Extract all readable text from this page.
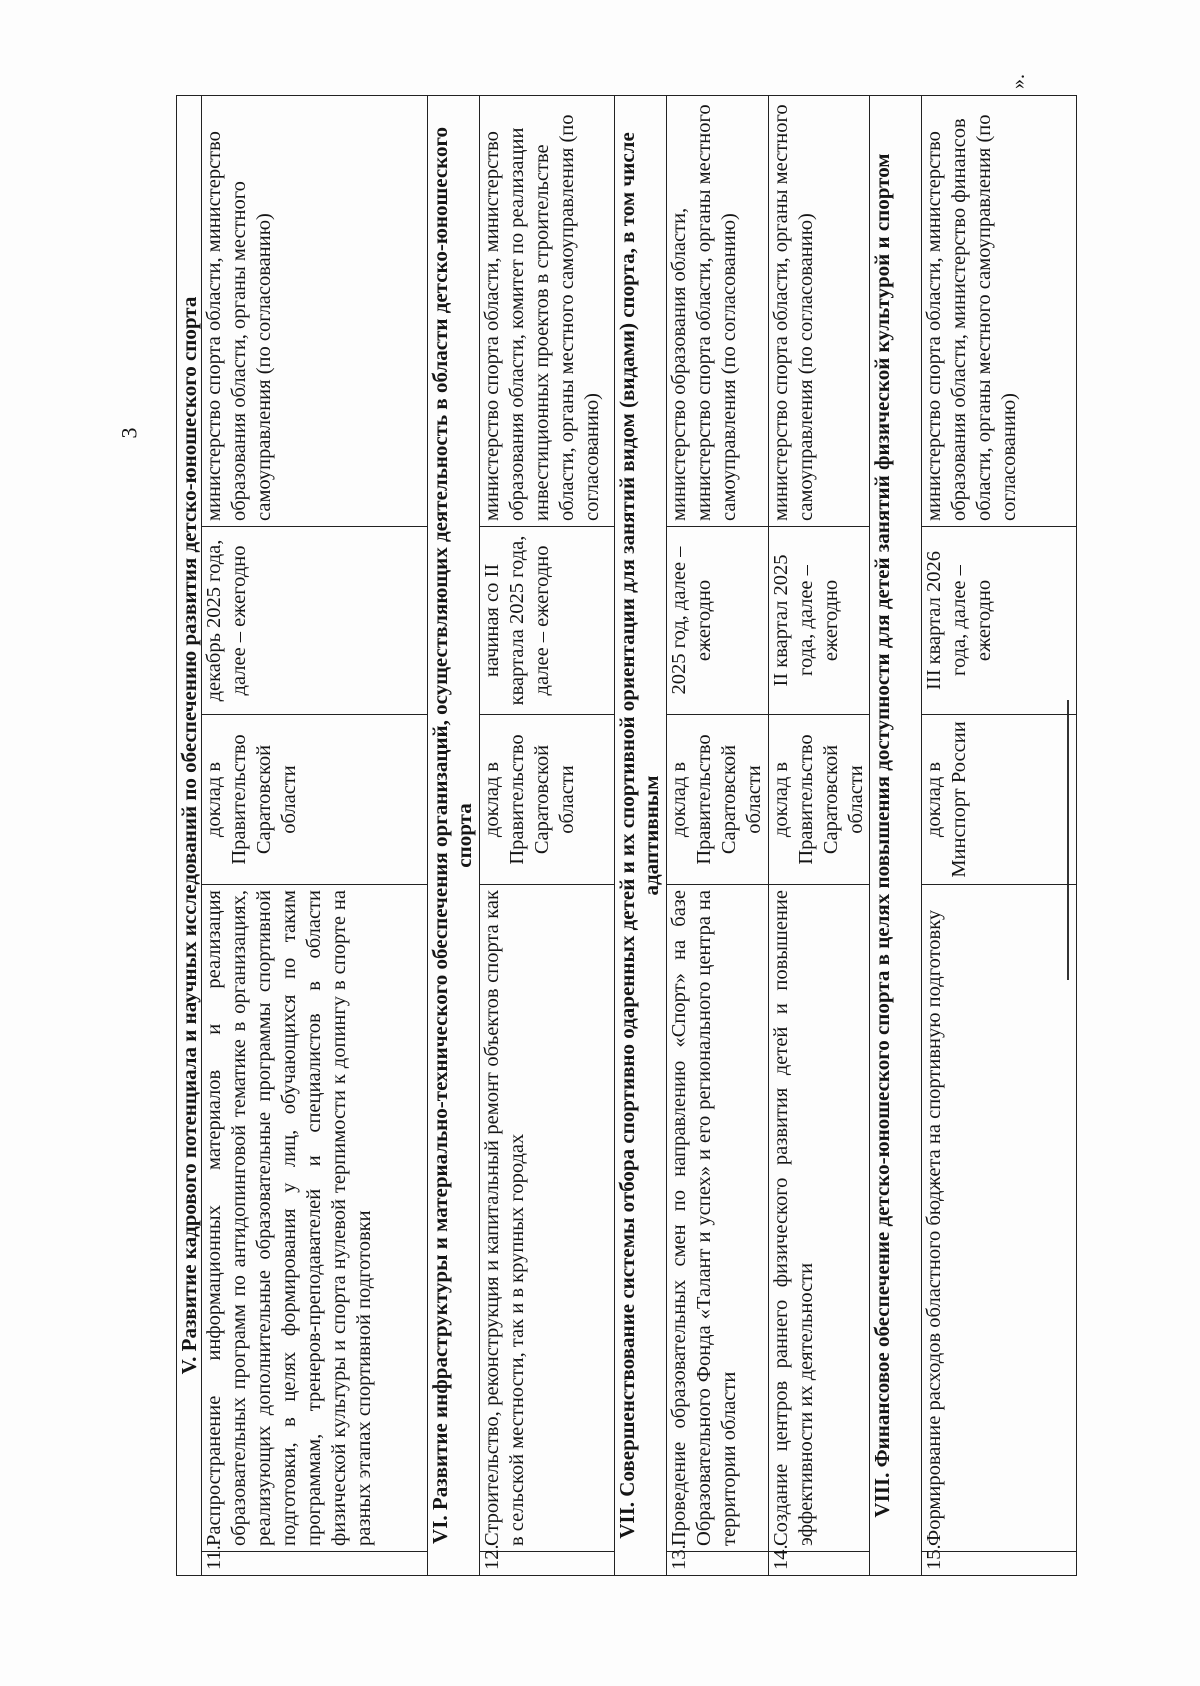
3
».
V. Развитие кадрового потенциала и научных исследований по обеспечению развития детско-юношеского спорта				
11.	Распространение информационных материалов и реализация образовательных программ по антидопинговой тематике в организациях, реализующих дополнительные образовательные программы спортивной подготовки, в целях формирования у лиц, обучающихся по таким программам, тренеров-преподавателей и специалистов в области физической культуры и спорта нулевой терпимости к допингу в спорте на разных этапах спортивной подготовки	доклад в Правительство Саратовской области	декабрь 2025 года, далее – ежегодно	министерство спорта области, министерство образования области, органы местного самоуправления (по согласованию)
VI. Развитие инфраструктуры и материально-технического обеспечения организаций, осуществляющих деятельность в области детско-юношеского спорта				
12.	Строительство, реконструкция и капитальный ремонт объектов спорта как в сельской местности, так и в крупных городах	доклад в Правительство Саратовской области	начиная со II квартала 2025 года, далее – ежегодно	министерство спорта области, министерство образования области, комитет по реализации инвестиционных проектов в строительстве области, органы местного самоуправления (по согласованию)
VII. Совершенствование системы отбора спортивно одаренных детей и их спортивной ориентации для занятий видом (видами) спорта, в том числе адаптивным				
13.	Проведение образовательных смен по направлению «Спорт» на базе Образовательного Фонда «Талант и успех» и его регионального центра на территории области	доклад в Правительство Саратовской области	2025 год, далее – ежегодно	министерство образования области, министерство спорта области, органы местного самоуправления (по согласованию)
14.	Создание центров раннего физического развития детей и повышение эффективности их деятельности	доклад в Правительство Саратовской области	II квартал 2025 года, далее – ежегодно	министерство спорта области, органы местного самоуправления (по согласованию)
VIII. Финансовое обеспечение детско-юношеского спорта в целях повышения доступности для детей занятий физической культурой и спортом				
15.	Формирование расходов областного бюджета на спортивную подготовку	доклад в Минспорт России	III квартал 2026 года, далее – ежегодно	министерство спорта области, министерство образования области, министерство финансов области, органы местного самоуправления (по согласованию)
